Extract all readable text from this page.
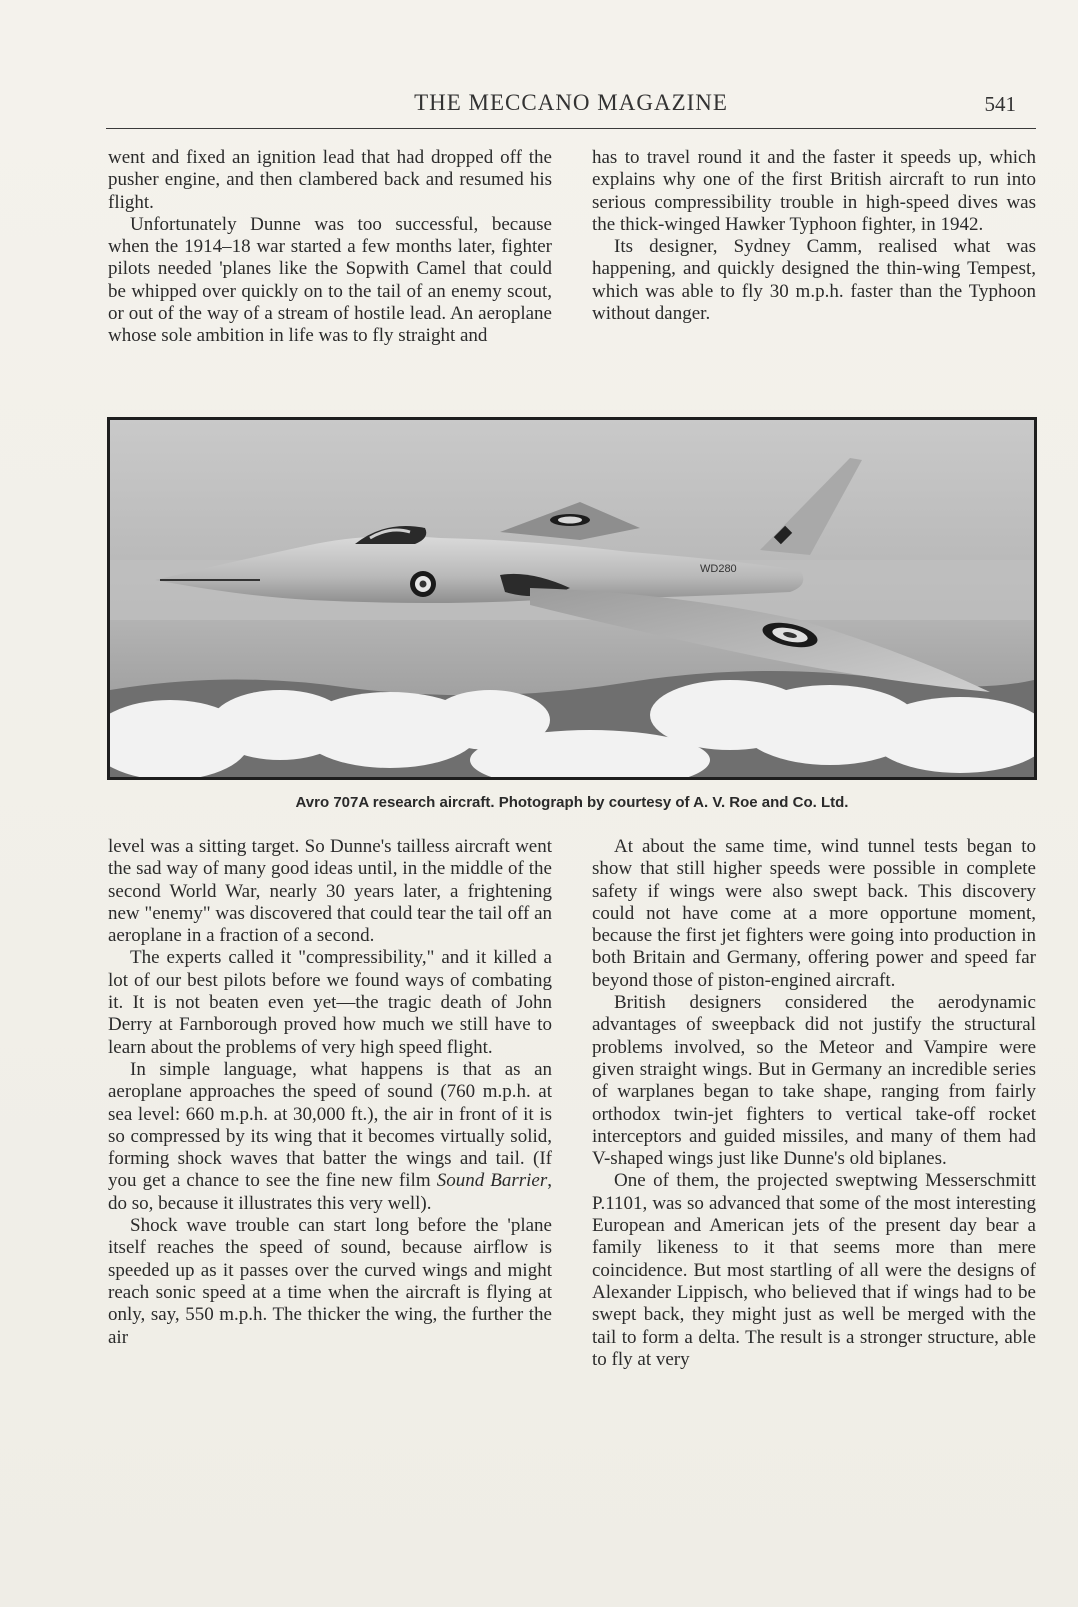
THE MECCANO MAGAZINE	541

went and fixed an ignition lead that had dropped off the pusher engine, and then clambered back and resumed his flight.

Unfortunately Dunne was too successful, because when the 1914–18 war started a few months later, fighter pilots needed 'planes like the Sopwith Camel that could be whipped over quickly on to the tail of an enemy scout, or out of the way of a stream of hostile lead. An aeroplane whose sole ambition in life was to fly straight and

has to travel round it and the faster it speeds up, which explains why one of the first British aircraft to run into serious compressibility trouble in high-speed dives was the thick-winged Hawker Typhoon fighter, in 1942.

Its designer, Sydney Camm, realised what was happening, and quickly designed the thin-wing Tempest, which was able to fly 30 m.p.h. faster than the Typhoon without danger.

WD280
Avro 707A research aircraft. Photograph by courtesy of A. V. Roe and Co. Ltd.

level was a sitting target. So Dunne's tailless aircraft went the sad way of many good ideas until, in the middle of the second World War, nearly 30 years later, a frightening new "enemy" was discovered that could tear the tail off an aeroplane in a fraction of a second.

The experts called it "compressibility," and it killed a lot of our best pilots before we found ways of combating it. It is not beaten even yet—the tragic death of John Derry at Farnborough proved how much we still have to learn about the problems of very high speed flight.

In simple language, what happens is that as an aeroplane approaches the speed of sound (760 m.p.h. at sea level: 660 m.p.h. at 30,000 ft.), the air in front of it is so compressed by its wing that it becomes virtually solid, forming shock waves that batter the wings and tail. (If you get a chance to see the fine new film Sound Barrier, do so, because it illustrates this very well).

Shock wave trouble can start long before the 'plane itself reaches the speed of sound, because airflow is speeded up as it passes over the curved wings and might reach sonic speed at a time when the aircraft is flying at only, say, 550 m.p.h. The thicker the wing, the further the air

At about the same time, wind tunnel tests began to show that still higher speeds were possible in complete safety if wings were also swept back. This discovery could not have come at a more opportune moment, because the first jet fighters were going into production in both Britain and Germany, offering power and speed far beyond those of piston-engined aircraft.

British designers considered the aerodynamic advantages of sweepback did not justify the structural problems involved, so the Meteor and Vampire were given straight wings. But in Germany an incredible series of warplanes began to take shape, ranging from fairly orthodox twin-jet fighters to vertical take-off rocket interceptors and guided missiles, and many of them had V-shaped wings just like Dunne's old biplanes.

One of them, the projected sweptwing Messerschmitt P.1101, was so advanced that some of the most interesting European and American jets of the present day bear a family likeness to it that seems more than mere coincidence. But most startling of all were the designs of Alexander Lippisch, who believed that if wings had to be swept back, they might just as well be merged with the tail to form a delta. The result is a stronger structure, able to fly at very
